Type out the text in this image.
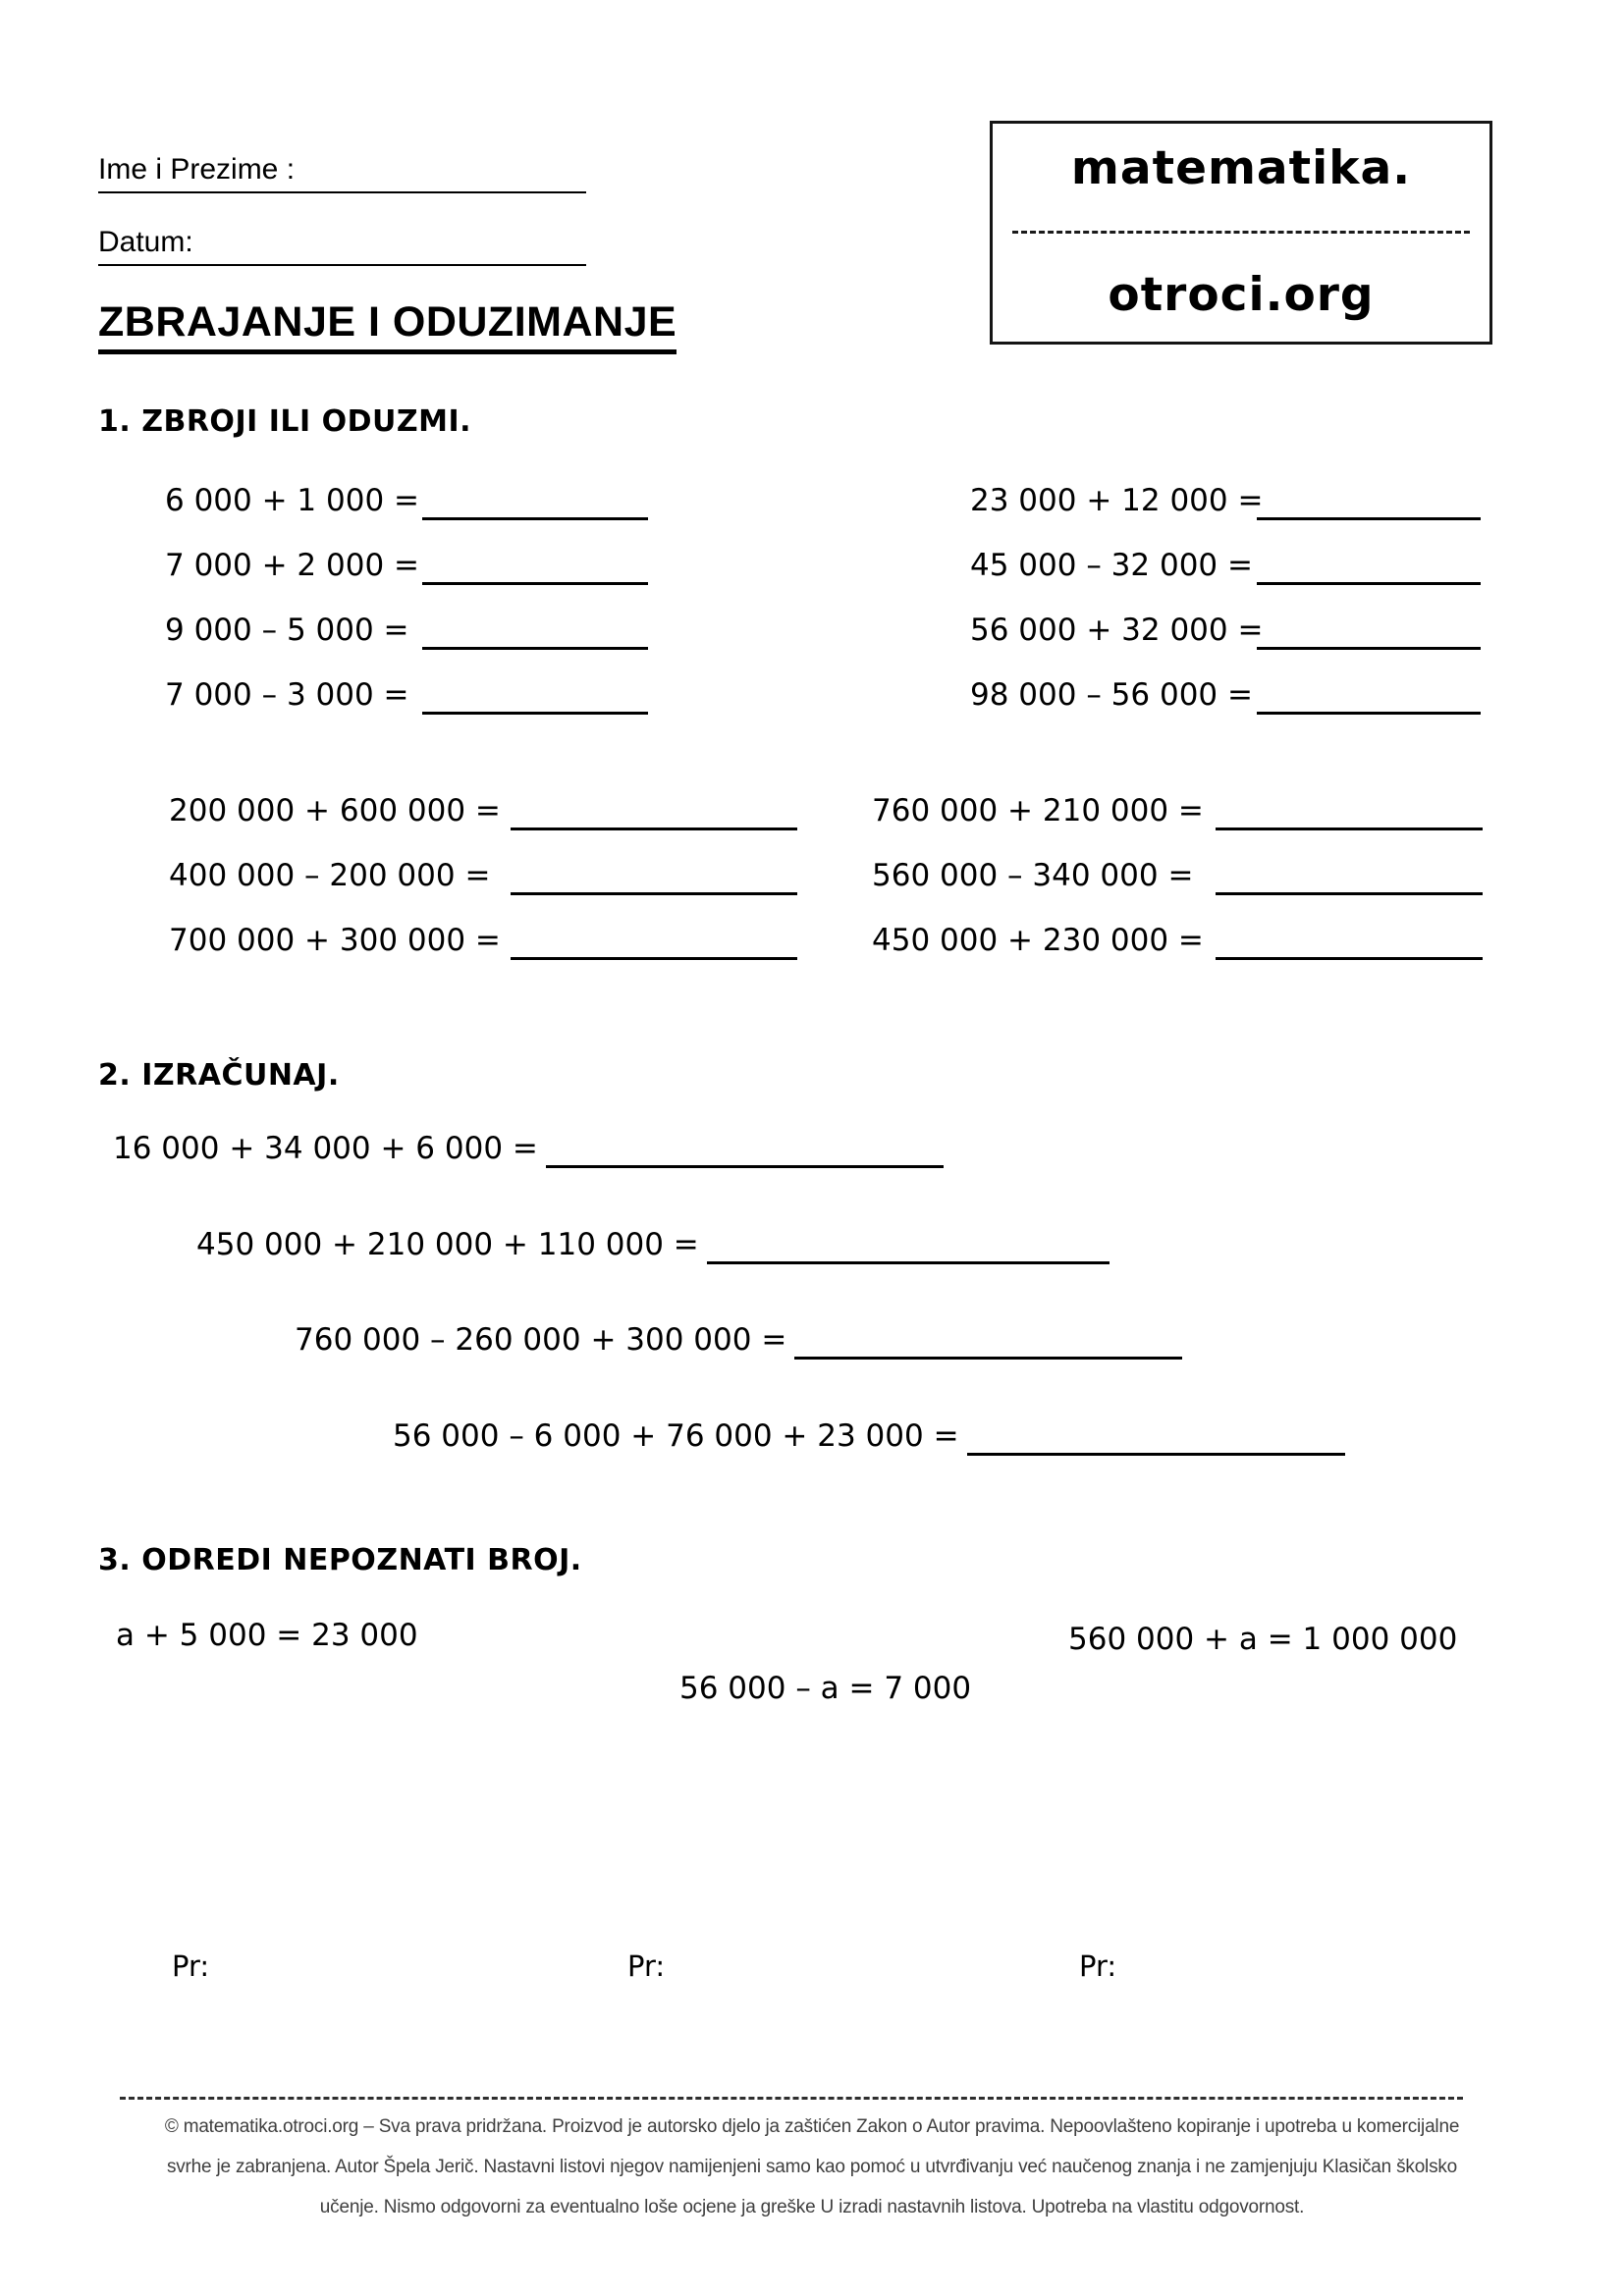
Ime i Prezime :
Datum:
matematika.
otroci.org
ZBRAJANJE I ODUZIMANJE
1. ZBROJI ILI ODUZMI.
6 000 + 1 000 =
7 000 + 2 000 =
9 000 – 5 000 =
7 000 – 3 000 =
23 000 + 12 000 =
45 000 – 32 000 =
56 000 + 32 000 =
98 000 – 56 000 =
200 000 + 600 000 =
400 000 – 200 000 =
700 000 + 300 000 =
760 000 + 210 000 =
560 000 – 340 000 =
450 000 + 230 000 =
2. IZRAČUNAJ.
16 000 + 34 000 + 6 000 =
450 000 + 210 000 + 110 000 =
760 000 – 260 000 + 300 000 =
56 000 – 6 000 + 76 000 + 23 000 =
3. ODREDI NEPOZNATI BROJ.
a + 5 000 = 23 000	560 000 + a = 1 000 000
56 000 – a = 7 000
Pr:	Pr:	Pr:
© matematika.otroci.org – Sva prava pridržana. Proizvod je autorsko djelo ja zaštićen Zakon o Autor pravima. Nepoovlašteno kopiranje i upotreba u komercijalne
svrhe je zabranjena. Autor Špela Jerič. Nastavni listovi njegov namijenjeni samo kao pomoć u utvrđivanju već naučenog znanja i ne zamjenjuju Klasičan školsko
učenje. Nismo odgovorni za eventualno loše ocjene ja greške U izradi nastavnih listova. Upotreba na vlastitu odgovornost.
